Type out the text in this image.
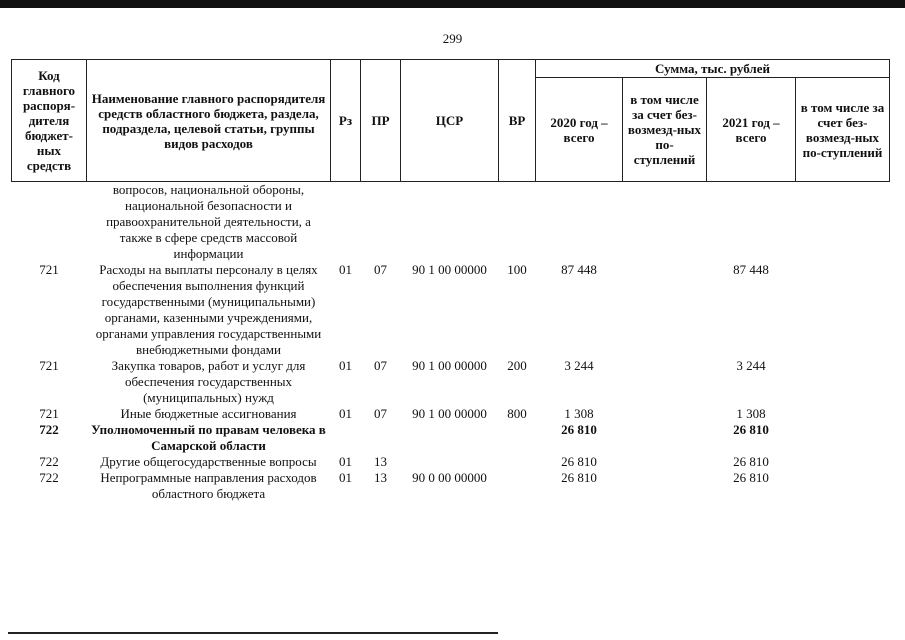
299
Код главного распоря-дителя бюджет-ных средств	Наименование главного распорядителя средств областного бюджета, раздела, подраздела, целевой статьи, группы видов расходов	Рз	ПР	ЦСР	ВР	Сумма, тыс. рублей			
						2020 год – всего	в том числе за счет без-возмезд-ных по-ступлений	2021 год – всего	в том числе за счет без-возмезд-ных по-ступлений
	вопросов, национальной обороны, национальной безопасности и правоохранительной деятельности, а также в сфере средств массовой информации								
721	Расходы на выплаты персоналу в целях обеспечения выполнения функций государственными (муниципальными) органами, казенными учреждениями, органами управления государственными внебюджетными фондами	01	07	90 1 00 00000	100	87 448		87 448	
721	Закупка товаров, работ и услуг для обеспечения государственных (муниципальных) нужд	01	07	90 1 00 00000	200	3 244		3 244	
721	Иные бюджетные ассигнования	01	07	90 1 00 00000	800	1 308		1 308	
722	Уполномоченный по правам человека в Самарской области					26 810		26 810	
722	Другие общегосударственные вопросы	01	13			26 810		26 810	
722	Непрограммные направления расходов областного бюджета	01	13	90 0 00 00000		26 810		26 810	
